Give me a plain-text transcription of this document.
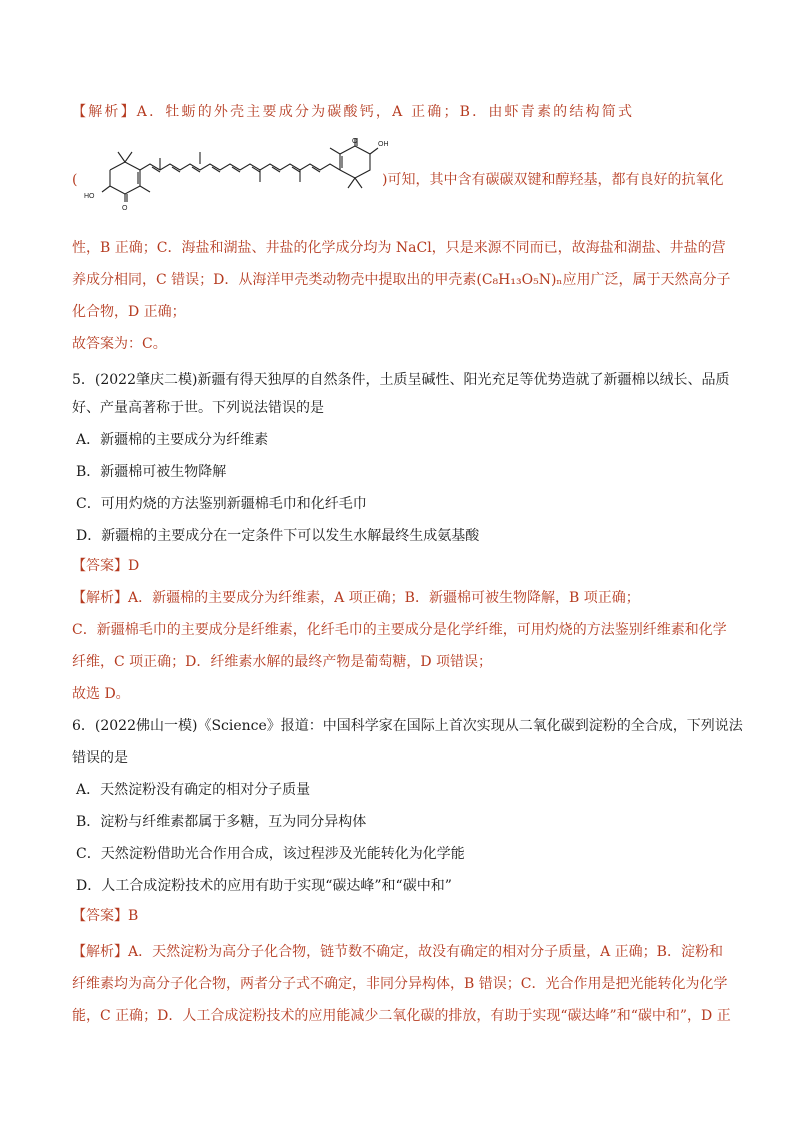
【解析】A．牡蛎的外壳主要成分为碳酸钙，A 正确；B．由虾青素的结构简式
(
HO
OH
O
O
)可知，其中含有碳碳双键和醇羟基，都有良好的抗氧化
性，B 正确；C．海盐和湖盐、井盐的化学成分均为 NaCl，只是来源不同而已，故海盐和湖盐、井盐的营
养成分相同，C 错误；D．从海洋甲壳类动物壳中提取出的甲壳素(C₈H₁₃O₅N)ₙ应用广泛，属于天然高分子
化合物，D 正确；
故答案为：C。
5．(2022肇庆二模)新疆有得天独厚的自然条件，土质呈碱性、阳光充足等优势造就了新疆棉以绒长、品质
好、产量高著称于世。下列说法错误的是
A．新疆棉的主要成分为纤维素
B．新疆棉可被生物降解
C．可用灼烧的方法鉴别新疆棉毛巾和化纤毛巾
D．新疆棉的主要成分在一定条件下可以发生水解最终生成氨基酸
【答案】D
【解析】A．新疆棉的主要成分为纤维素，A 项正确；B．新疆棉可被生物降解，B 项正确；
C．新疆棉毛巾的主要成分是纤维素，化纤毛巾的主要成分是化学纤维，可用灼烧的方法鉴别纤维素和化学
纤维，C 项正确；D．纤维素水解的最终产物是葡萄糖，D 项错误；
故选 D。
6．(2022佛山一模)《Science》报道：中国科学家在国际上首次实现从二氧化碳到淀粉的全合成，下列说法
错误的是
A．天然淀粉没有确定的相对分子质量
B．淀粉与纤维素都属于多糖，互为同分异构体
C．天然淀粉借助光合作用合成，该过程涉及光能转化为化学能
D．人工合成淀粉技术的应用有助于实现“碳达峰”和“碳中和”
【答案】B
【解析】A．天然淀粉为高分子化合物，链节数不确定，故没有确定的相对分子质量，A 正确；B．淀粉和
纤维素均为高分子化合物，两者分子式不确定，非同分异构体，B 错误；C．光合作用是把光能转化为化学
能，C 正确；D．人工合成淀粉技术的应用能减少二氧化碳的排放，有助于实现“碳达峰”和“碳中和”，D 正
